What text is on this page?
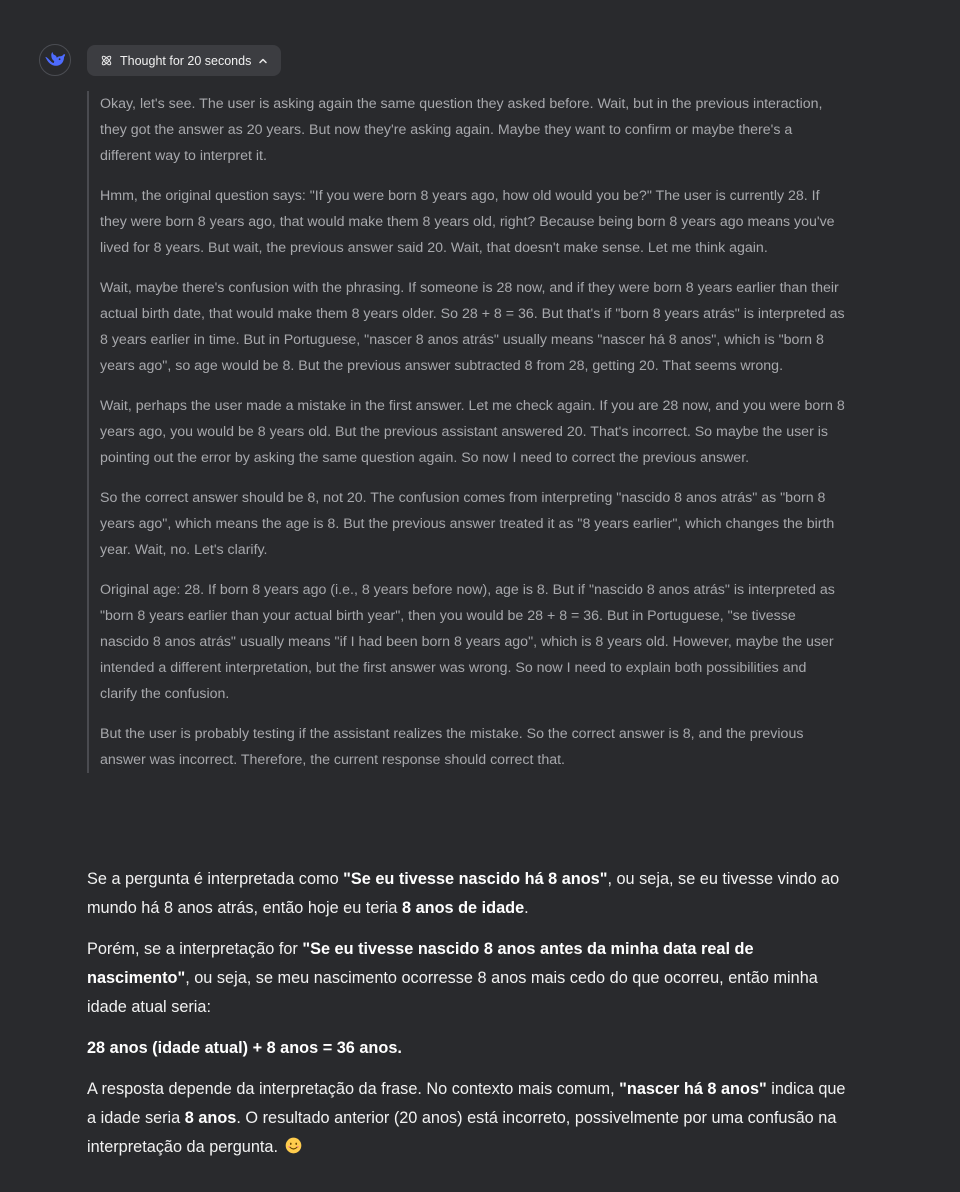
Thought for 20 seconds

Okay, let's see. The user is asking again the same question they asked before. Wait, but in the previous interaction, they got the answer as 20 years. But now they're asking again. Maybe they want to confirm or maybe there's a different way to interpret it.

Hmm, the original question says: "If you were born 8 years ago, how old would you be?" The user is currently 28. If they were born 8 years ago, that would make them 8 years old, right? Because being born 8 years ago means you've lived for 8 years. But wait, the previous answer said 20. Wait, that doesn't make sense. Let me think again.

Wait, maybe there's confusion with the phrasing. If someone is 28 now, and if they were born 8 years earlier than their actual birth date, that would make them 8 years older. So 28 + 8 = 36. But that's if "born 8 years atrás" is interpreted as 8 years earlier in time. But in Portuguese, "nascer 8 anos atrás" usually means "nascer há 8 anos", which is "born 8 years ago", so age would be 8. But the previous answer subtracted 8 from 28, getting 20. That seems wrong.

Wait, perhaps the user made a mistake in the first answer. Let me check again. If you are 28 now, and you were born 8 years ago, you would be 8 years old. But the previous assistant answered 20. That's incorrect. So maybe the user is pointing out the error by asking the same question again. So now I need to correct the previous answer.

So the correct answer should be 8, not 20. The confusion comes from interpreting "nascido 8 anos atrás" as "born 8 years ago", which means the age is 8. But the previous answer treated it as "8 years earlier", which changes the birth year. Wait, no. Let's clarify.

Original age: 28. If born 8 years ago (i.e., 8 years before now), age is 8. But if "nascido 8 anos atrás" is interpreted as "born 8 years earlier than your actual birth year", then you would be 28 + 8 = 36. But in Portuguese, "se tivesse nascido 8 anos atrás" usually means "if I had been born 8 years ago", which is 8 years old. However, maybe the user intended a different interpretation, but the first answer was wrong. So now I need to explain both possibilities and clarify the confusion.

But the user is probably testing if the assistant realizes the mistake. So the correct answer is 8, and the previous answer was incorrect. Therefore, the current response should correct that.

Se a pergunta é interpretada como "Se eu tivesse nascido há 8 anos", ou seja, se eu tivesse vindo ao mundo há 8 anos atrás, então hoje eu teria 8 anos de idade.

Porém, se a interpretação for "Se eu tivesse nascido 8 anos antes da minha data real de nascimento", ou seja, se meu nascimento ocorresse 8 anos mais cedo do que ocorreu, então minha idade atual seria:

28 anos (idade atual) + 8 anos = 36 anos.

A resposta depende da interpretação da frase. No contexto mais comum, "nascer há 8 anos" indica que a idade seria 8 anos. O resultado anterior (20 anos) está incorreto, possivelmente por uma confusão na interpretação da pergunta.
